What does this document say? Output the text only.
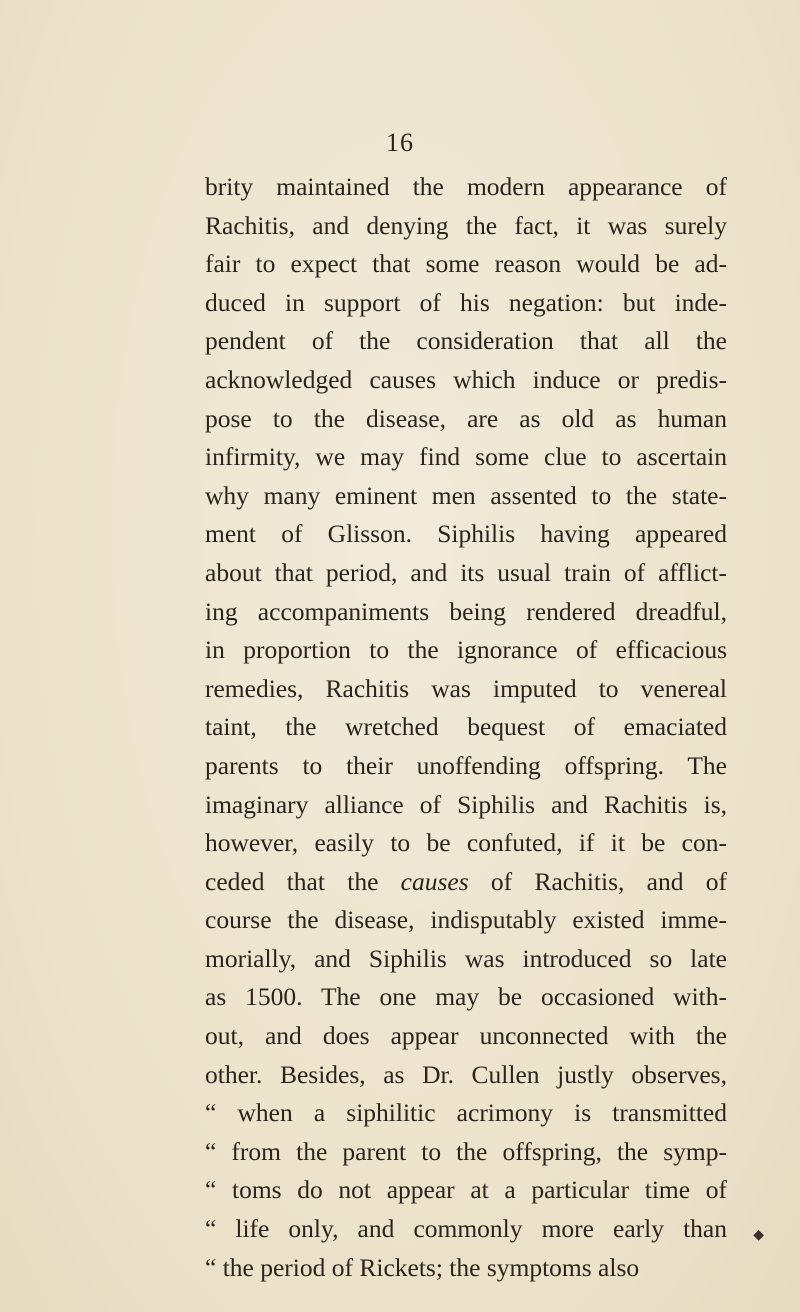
16
brity maintained the modern appearance of
Rachitis, and denying the fact, it was surely
fair to expect that some reason would be ad-
duced in support of his negation: but inde-
pendent of the consideration that all the
acknowledged causes which induce or predis-
pose to the disease, are as old as human
infirmity, we may find some clue to ascertain
why many eminent men assented to the state-
ment of Glisson. Siphilis having appeared
about that period, and its usual train of afflict-
ing accompaniments being rendered dreadful,
in proportion to the ignorance of efficacious
remedies, Rachitis was imputed to venereal
taint, the wretched bequest of emaciated
parents to their unoffending offspring. The
imaginary alliance of Siphilis and Rachitis is,
however, easily to be confuted, if it be con-
ceded that the causes of Rachitis, and of
course the disease, indisputably existed imme-
morially, and Siphilis was introduced so late
as 1500. The one may be occasioned with-
out, and does appear unconnected with the
other. Besides, as Dr. Cullen justly observes,
“ when a siphilitic acrimony is transmitted
“ from the parent to the offspring, the symp-
“ toms do not appear at a particular time of
“ life only, and commonly more early than
“ the period of Rickets; the symptoms also
◆
